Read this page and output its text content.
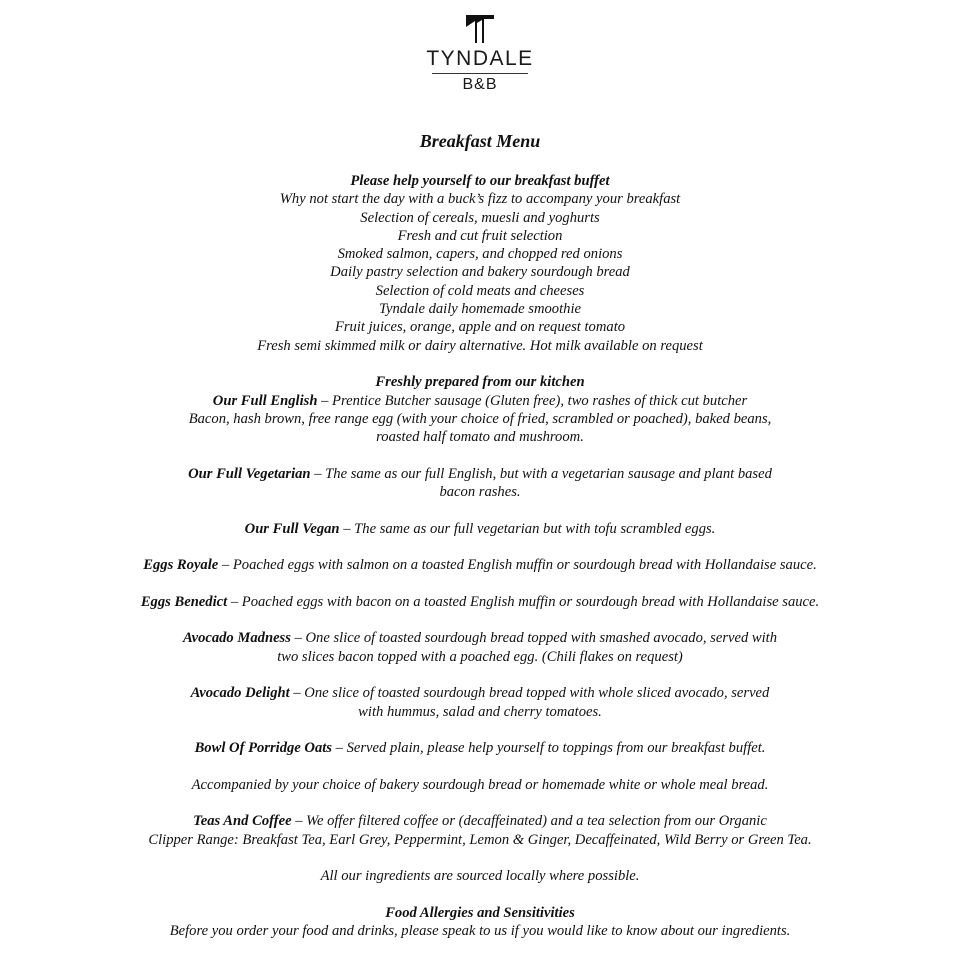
TYNDALE
B&B
Breakfast Menu
Please help yourself to our breakfast buffet
Why not start the day with a buck’s fizz to accompany your breakfast
Selection of cereals, muesli and yoghurts
Fresh and cut fruit selection
Smoked salmon, capers, and chopped red onions
Daily pastry selection and bakery sourdough bread
Selection of cold meats and cheeses
Tyndale daily homemade smoothie
Fruit juices, orange, apple and on request tomato
Fresh semi skimmed milk or dairy alternative. Hot milk available on request
Freshly prepared from our kitchen
Our Full English – Prentice Butcher sausage (Gluten free), two rashes of thick cut butcher
Bacon, hash brown, free range egg (with your choice of fried, scrambled or poached), baked beans,
roasted half tomato and mushroom.
Our Full Vegetarian – The same as our full English, but with a vegetarian sausage and plant based
bacon rashes.
Our Full Vegan – The same as our full vegetarian but with tofu scrambled eggs.
Eggs Royale – Poached eggs with salmon on a toasted English muffin or sourdough bread with Hollandaise sauce.
Eggs Benedict – Poached eggs with bacon on a toasted English muffin or sourdough bread with Hollandaise sauce.
Avocado Madness – One slice of toasted sourdough bread topped with smashed avocado, served with
two slices bacon topped with a poached egg. (Chili flakes on request)
Avocado Delight – One slice of toasted sourdough bread topped with whole sliced avocado, served
with hummus, salad and cherry tomatoes.
Bowl Of Porridge Oats – Served plain, please help yourself to toppings from our breakfast buffet.
Accompanied by your choice of bakery sourdough bread or homemade white or whole meal bread.
Teas And Coffee – We offer filtered coffee or (decaffeinated) and a tea selection from our Organic
Clipper Range: Breakfast Tea, Earl Grey, Peppermint, Lemon & Ginger, Decaffeinated, Wild Berry or Green Tea.
All our ingredients are sourced locally where possible.
Food Allergies and Sensitivities
Before you order your food and drinks, please speak to us if you would like to know about our ingredients.
